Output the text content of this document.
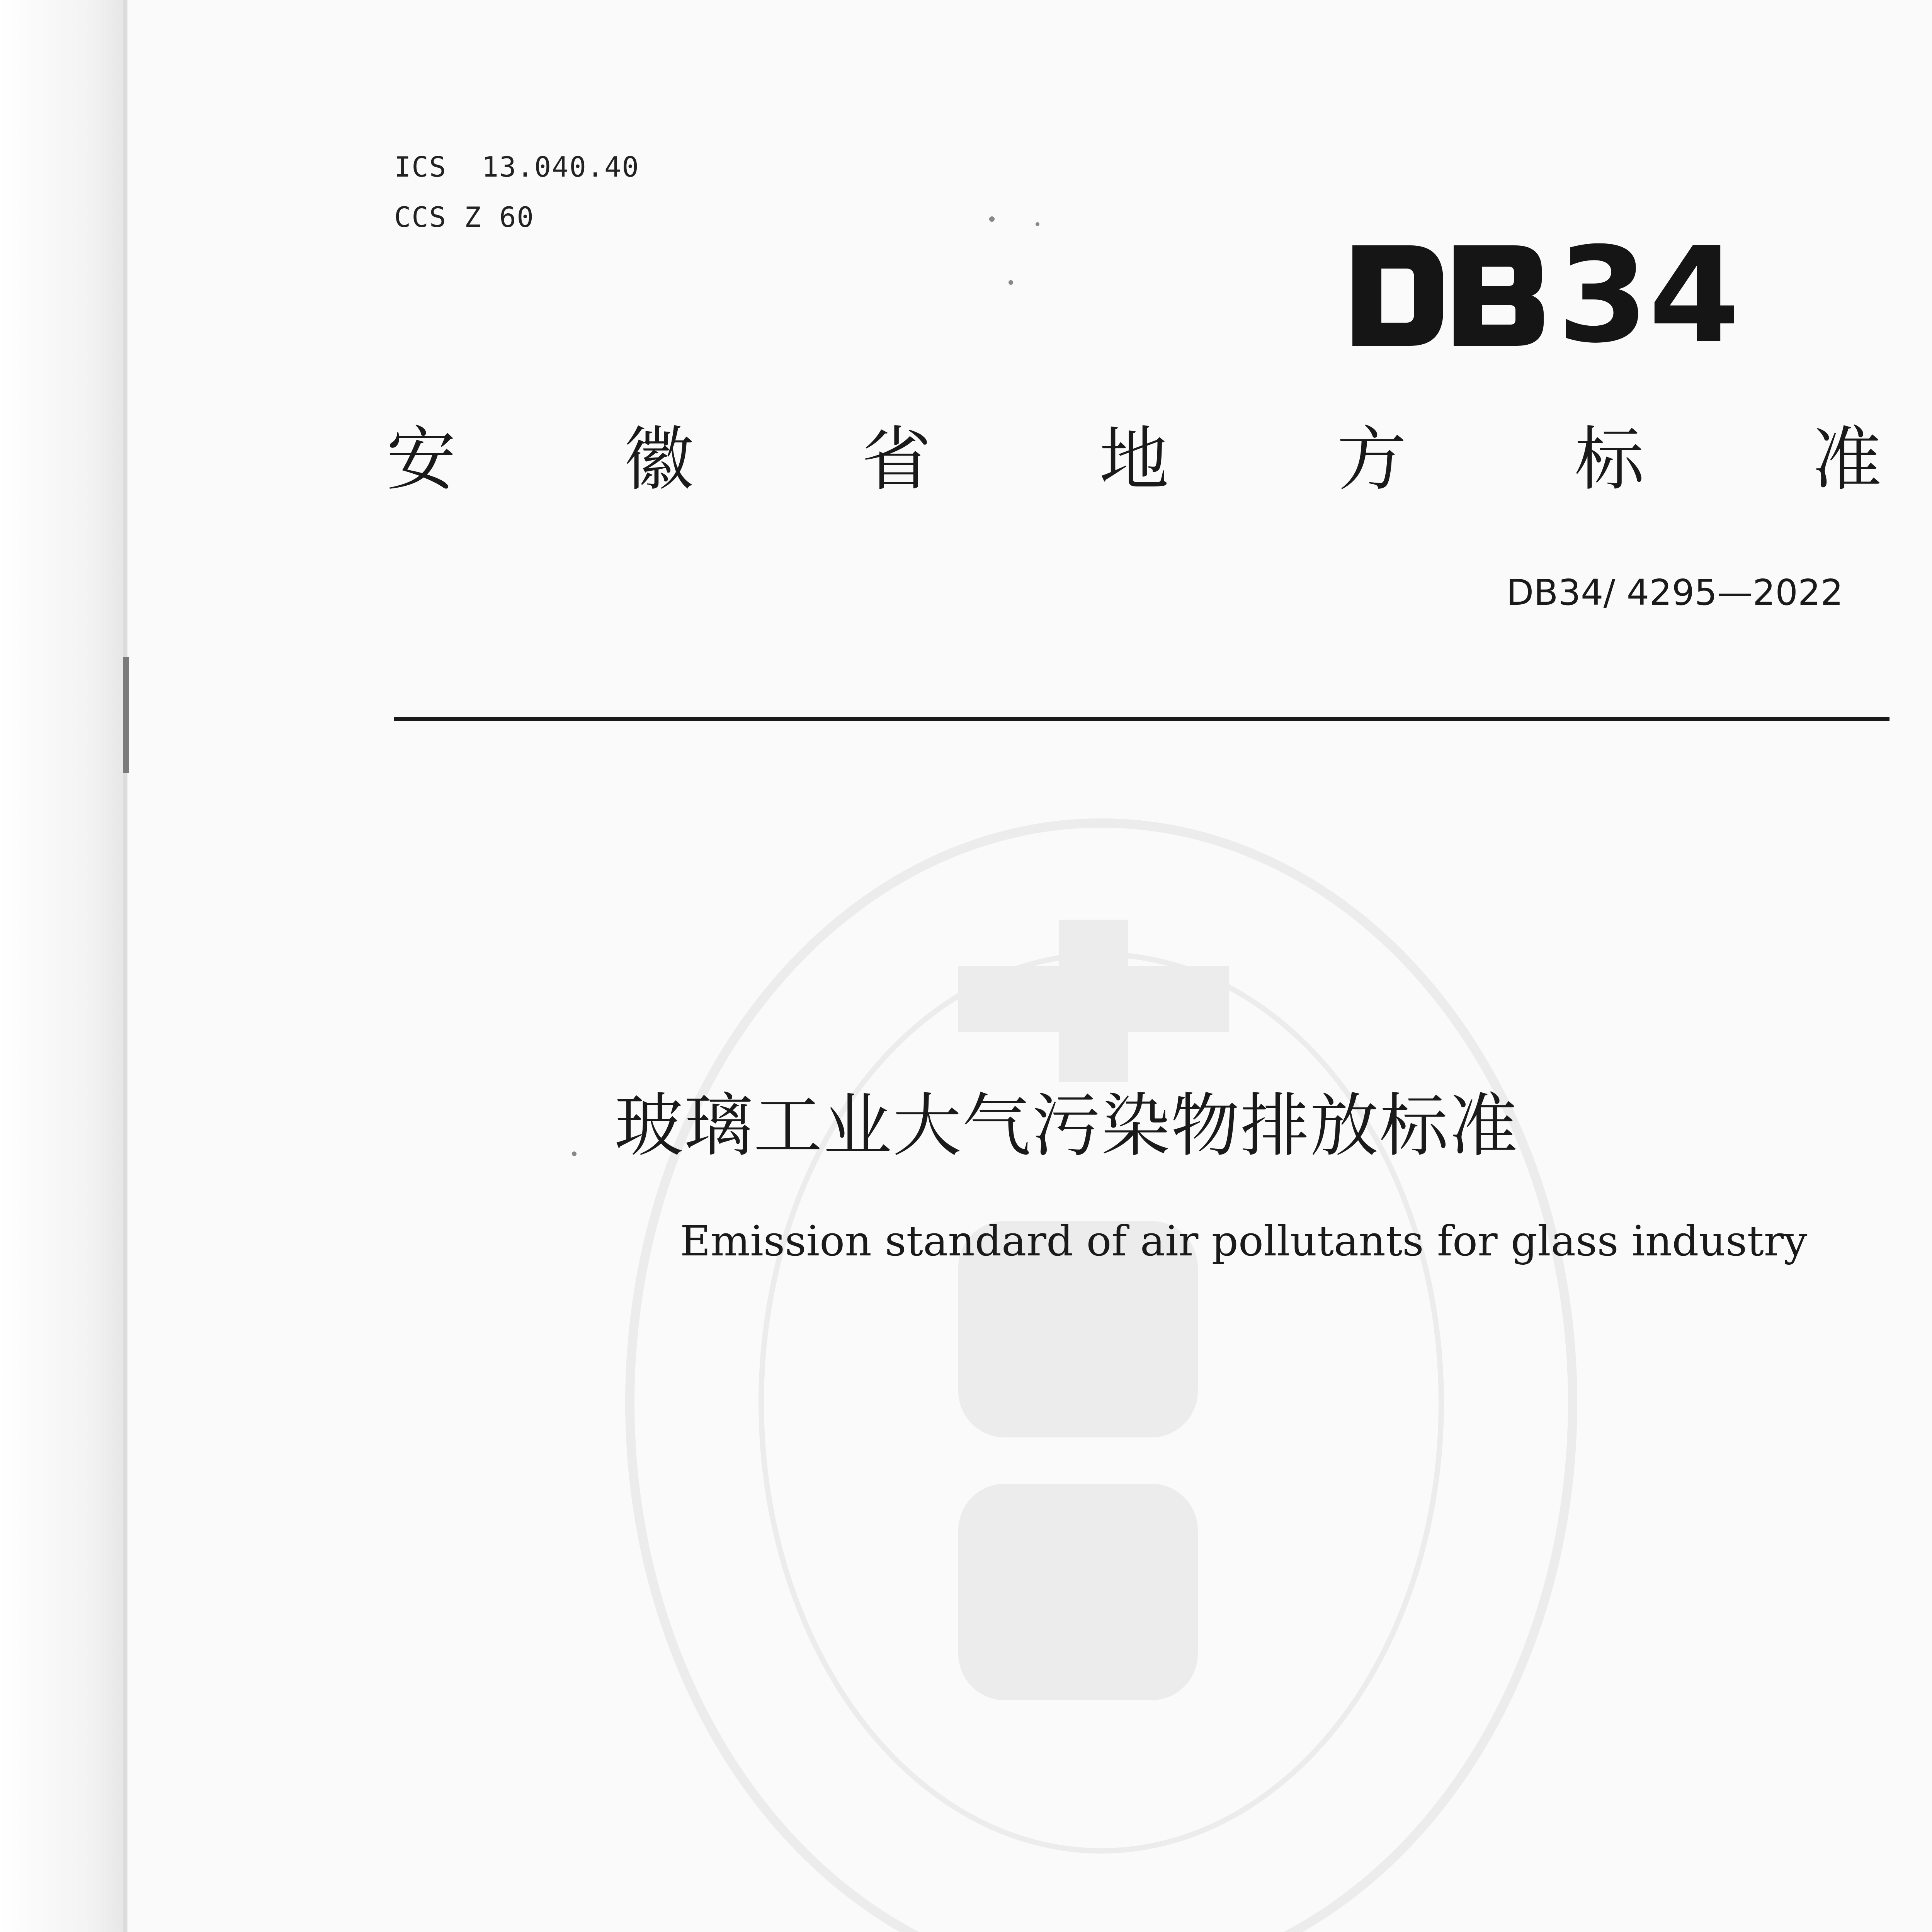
ICS 13.040.40
CCS Z 60
34
安 徽 省 地 方 标 准
DB34/ 4295—2022
玻璃工业大气污染物排放标准
Emission standard of air pollutants for glass industry
